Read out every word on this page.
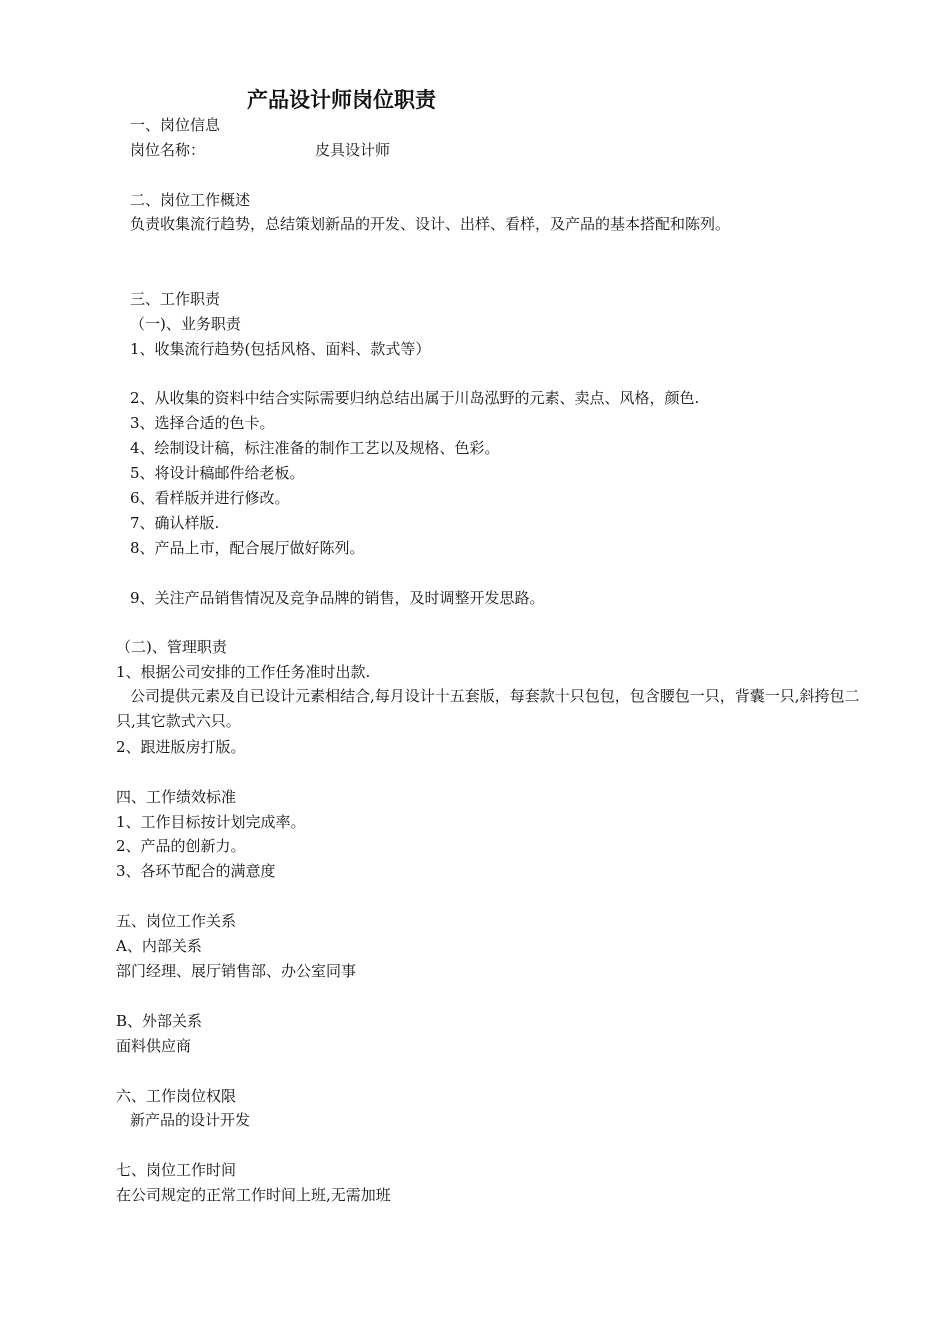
产品设计师岗位职责
一、岗位信息
岗位名称：	皮具设计师
二、岗位工作概述
负责收集流行趋势，总结策划新品的开发、设计、出样、看样，及产品的基本搭配和陈列。
三、工作职责
（一)、业务职责
1、收集流行趋势(包括风格、面料、款式等）
2、从收集的资料中结合实际需要归纳总结出属于川岛泓野的元素、卖点、风格，颜色.
3、选择合适的色卡。
4、绘制设计稿，标注准备的制作工艺以及规格、色彩。
5、将设计稿邮件给老板。
6、看样版并进行修改。
7、确认样版.
8、产品上市，配合展厅做好陈列。
9、关注产品销售情况及竞争品牌的销售，及时调整开发思路。
（二)、管理职责
1、根据公司安排的工作任务准时出款.
公司提供元素及自已设计元素相结合,每月设计十五套版，每套款十只包包，包含腰包一只，背囊一只,斜挎包二只,其它款式六只。
2、跟进版房打版。
四、工作绩效标准
1、工作目标按计划完成率。
2、产品的创新力。
3、各环节配合的满意度
五、岗位工作关系
A、内部关系
部门经理、展厅销售部、办公室同事
B、外部关系
面料供应商
六、工作岗位权限
新产品的设计开发
七、岗位工作时间
在公司规定的正常工作时间上班,无需加班
